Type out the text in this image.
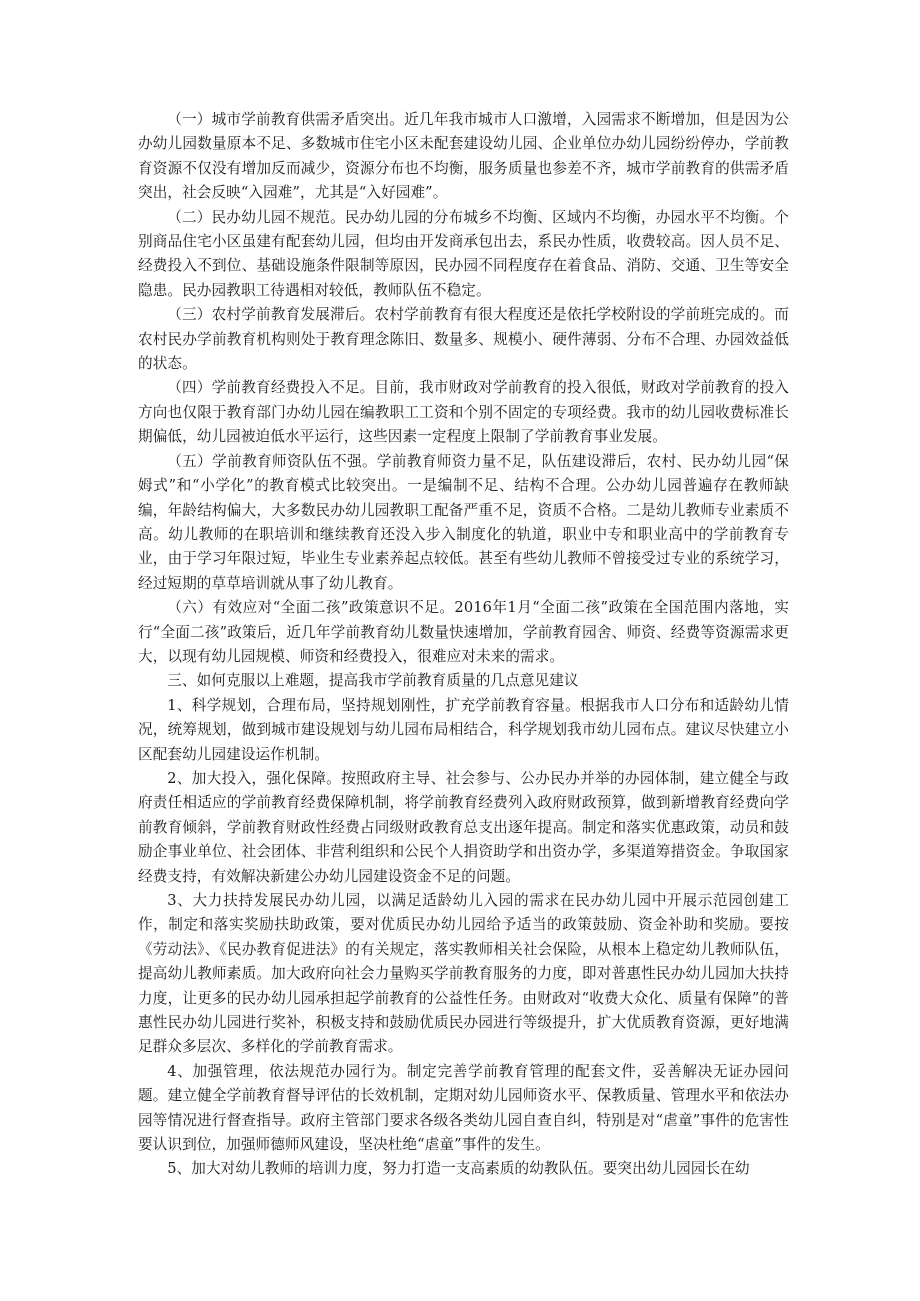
（一）城市学前教育供需矛盾突出。近几年我市城市人口激增，入园需求不断增加，但是因为公办幼儿园数量原本不足、多数城市住宅小区未配套建设幼儿园、企业单位办幼儿园纷纷停办，学前教育资源不仅没有增加反而减少，资源分布也不均衡，服务质量也参差不齐，城市学前教育的供需矛盾突出，社会反映“入园难”，尤其是“入好园难”。

（二）民办幼儿园不规范。民办幼儿园的分布城乡不均衡、区域内不均衡，办园水平不均衡。个别商品住宅小区虽建有配套幼儿园，但均由开发商承包出去，系民办性质，收费较高。因人员不足、经费投入不到位、基础设施条件限制等原因，民办园不同程度存在着食品、消防、交通、卫生等安全隐患。民办园教职工待遇相对较低，教师队伍不稳定。

（三）农村学前教育发展滞后。农村学前教育有很大程度还是依托学校附设的学前班完成的。而农村民办学前教育机构则处于教育理念陈旧、数量多、规模小、硬件薄弱、分布不合理、办园效益低的状态。

（四）学前教育经费投入不足。目前，我市财政对学前教育的投入很低，财政对学前教育的投入方向也仅限于教育部门办幼儿园在编教职工工资和个别不固定的专项经费。我市的幼儿园收费标准长期偏低，幼儿园被迫低水平运行，这些因素一定程度上限制了学前教育事业发展。

（五）学前教育师资队伍不强。学前教育师资力量不足，队伍建设滞后，农村、民办幼儿园“保姆式”和“小学化”的教育模式比较突出。一是编制不足、结构不合理。公办幼儿园普遍存在教师缺编，年龄结构偏大，大多数民办幼儿园教职工配备严重不足，资质不合格。二是幼儿教师专业素质不高。幼儿教师的在职培训和继续教育还没入步入制度化的轨道，职业中专和职业高中的学前教育专业，由于学习年限过短，毕业生专业素养起点较低。甚至有些幼儿教师不曾接受过专业的系统学习，经过短期的草草培训就从事了幼儿教育。

（六）有效应对“全面二孩”政策意识不足。2016年1月“全面二孩”政策在全国范围内落地，实行“全面二孩”政策后，近几年学前教育幼儿数量快速增加，学前教育园舍、师资、经费等资源需求更大，以现有幼儿园规模、师资和经费投入，很难应对未来的需求。

三、如何克服以上难题，提高我市学前教育质量的几点意见建议

1、科学规划，合理布局，坚持规划刚性，扩充学前教育容量。根据我市人口分布和适龄幼儿情况，统筹规划，做到城市建设规划与幼儿园布局相结合，科学规划我市幼儿园布点。建议尽快建立小区配套幼儿园建设运作机制。

2、加大投入，强化保障。按照政府主导、社会参与、公办民办并举的办园体制，建立健全与政府责任相适应的学前教育经费保障机制，将学前教育经费列入政府财政预算，做到新增教育经费向学前教育倾斜，学前教育财政性经费占同级财政教育总支出逐年提高。制定和落实优惠政策，动员和鼓励企事业单位、社会团体、非营利组织和公民个人捐资助学和出资办学，多渠道筹措资金。争取国家经费支持，有效解决新建公办幼儿园建设资金不足的问题。

3、大力扶持发展民办幼儿园，以满足适龄幼儿入园的需求在民办幼儿园中开展示范园创建工作，制定和落实奖励扶助政策，要对优质民办幼儿园给予适当的政策鼓励、资金补助和奖励。要按《劳动法》、《民办教育促进法》的有关规定，落实教师相关社会保险，从根本上稳定幼儿教师队伍，提高幼儿教师素质。加大政府向社会力量购买学前教育服务的力度，即对普惠性民办幼儿园加大扶持力度，让更多的民办幼儿园承担起学前教育的公益性任务。由财政对“收费大众化、质量有保障”的普惠性民办幼儿园进行奖补，积极支持和鼓励优质民办园进行等级提升，扩大优质教育资源，更好地满足群众多层次、多样化的学前教育需求。

4、加强管理，依法规范办园行为。制定完善学前教育管理的配套文件，妥善解决无证办园问题。建立健全学前教育督导评估的长效机制，定期对幼儿园师资水平、保教质量、管理水平和依法办园等情况进行督查指导。政府主管部门要求各级各类幼儿园自查自纠，特别是对“虐童”事件的危害性要认识到位，加强师德师风建设，坚决杜绝“虐童”事件的发生。

5、加大对幼儿教师的培训力度，努力打造一支高素质的幼教队伍。要突出幼儿园园长在幼
